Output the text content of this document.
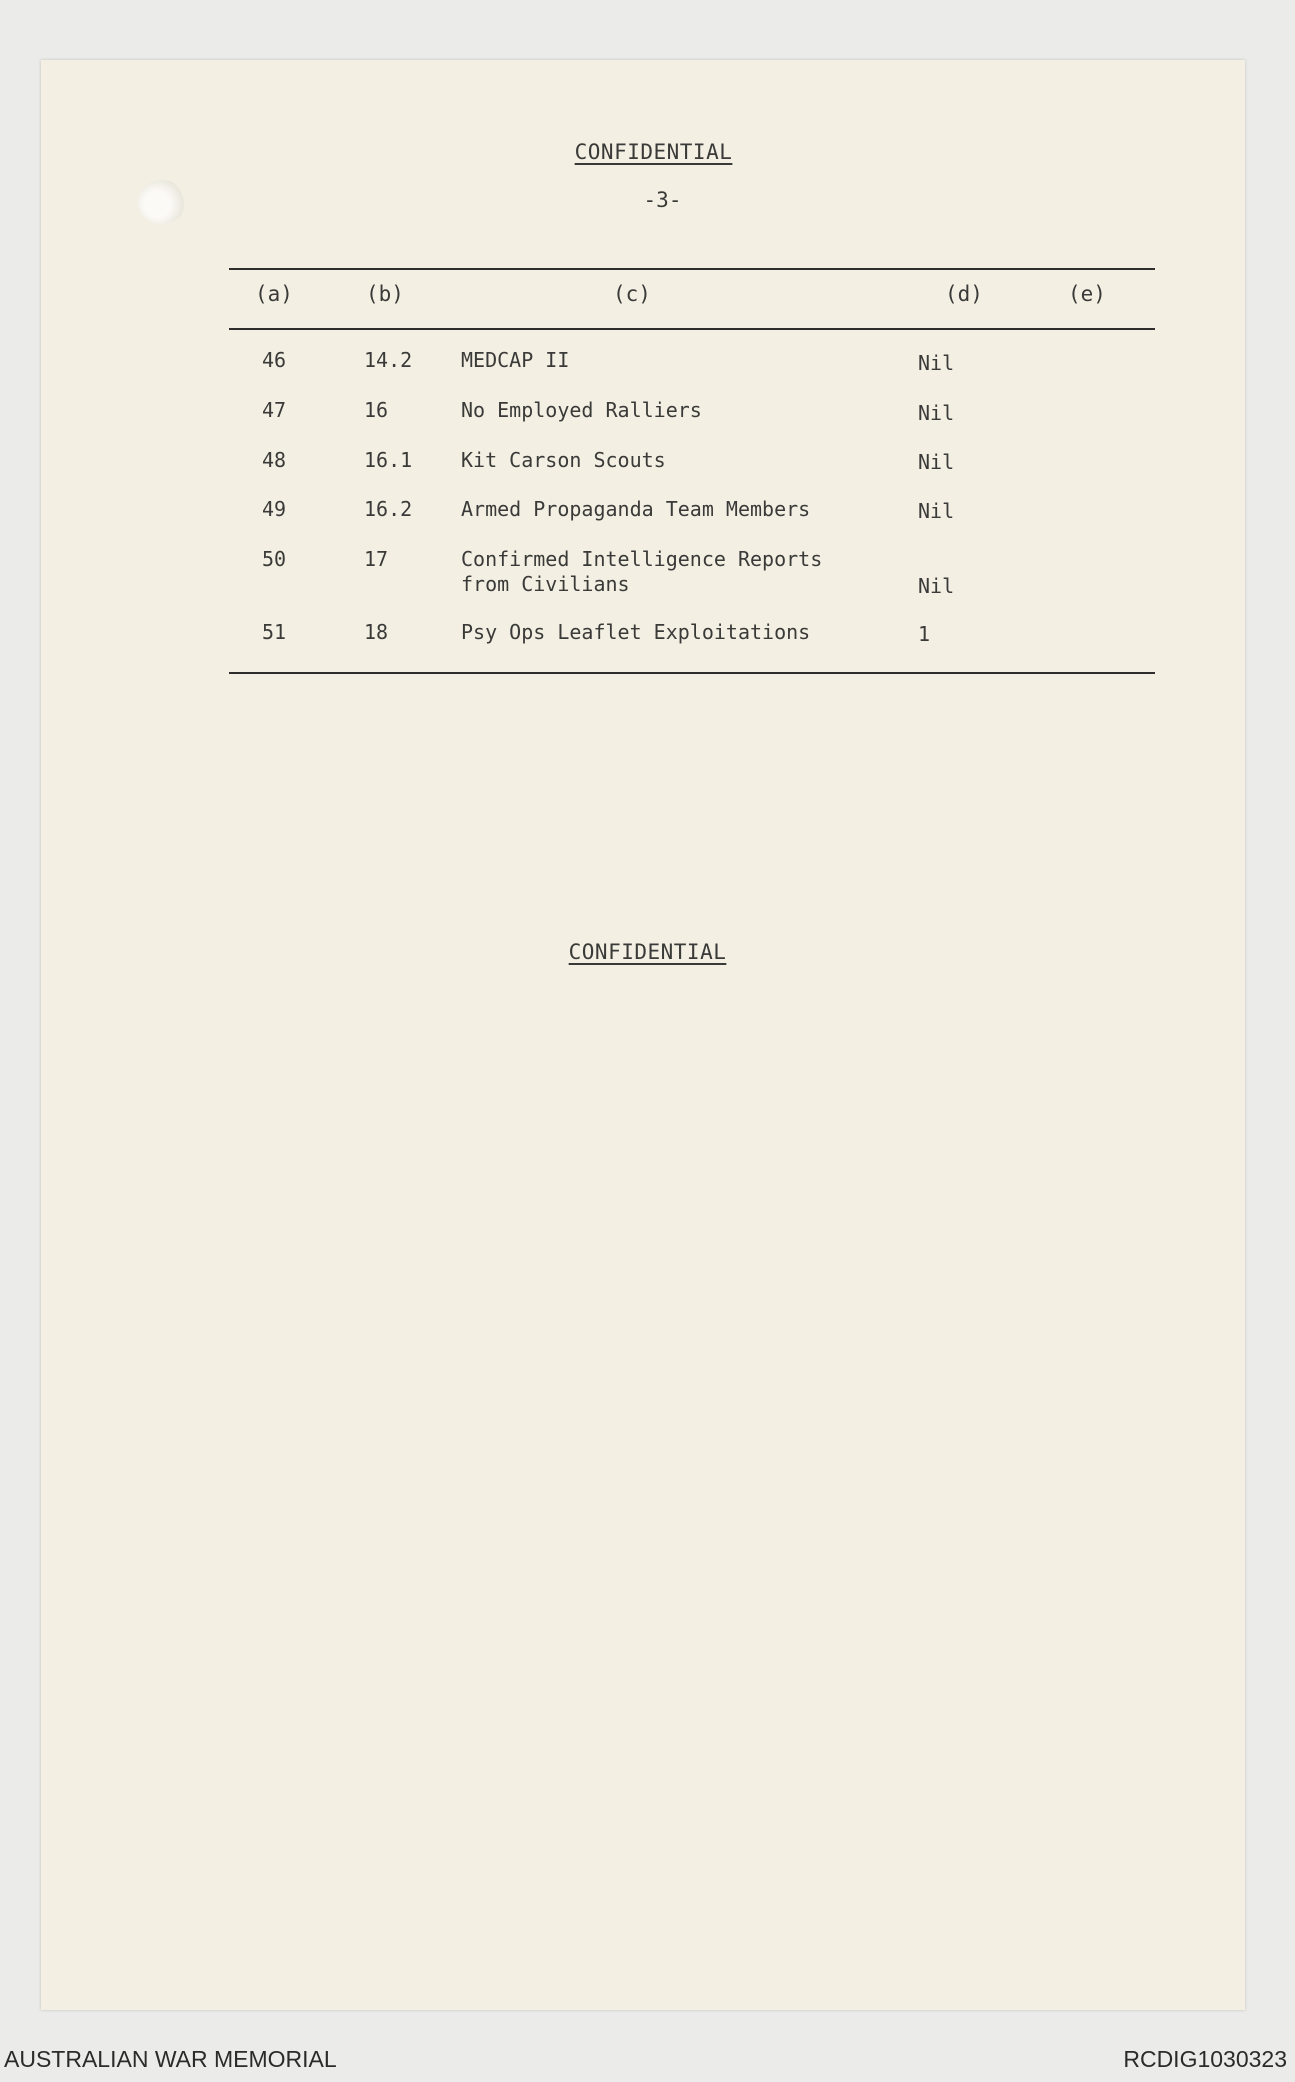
CONFIDENTIAL
-3-
(a)	(b)	(c)	(d)	(e)
46	14.2 MEDCAP II	Nil
47	16	No Employed Ralliers	Nil
48	16.1 Kit Carson Scouts	Nil
49	16.2 Armed Propaganda Team Members	Nil
50	17	Confirmed Intelligence Reports
from Civilians	Nil
51	18	Psy Ops Leaflet Exploitations	1
CONFIDENTIAL
AUSTRALIAN WAR MEMORIAL	RCDIG1030323
